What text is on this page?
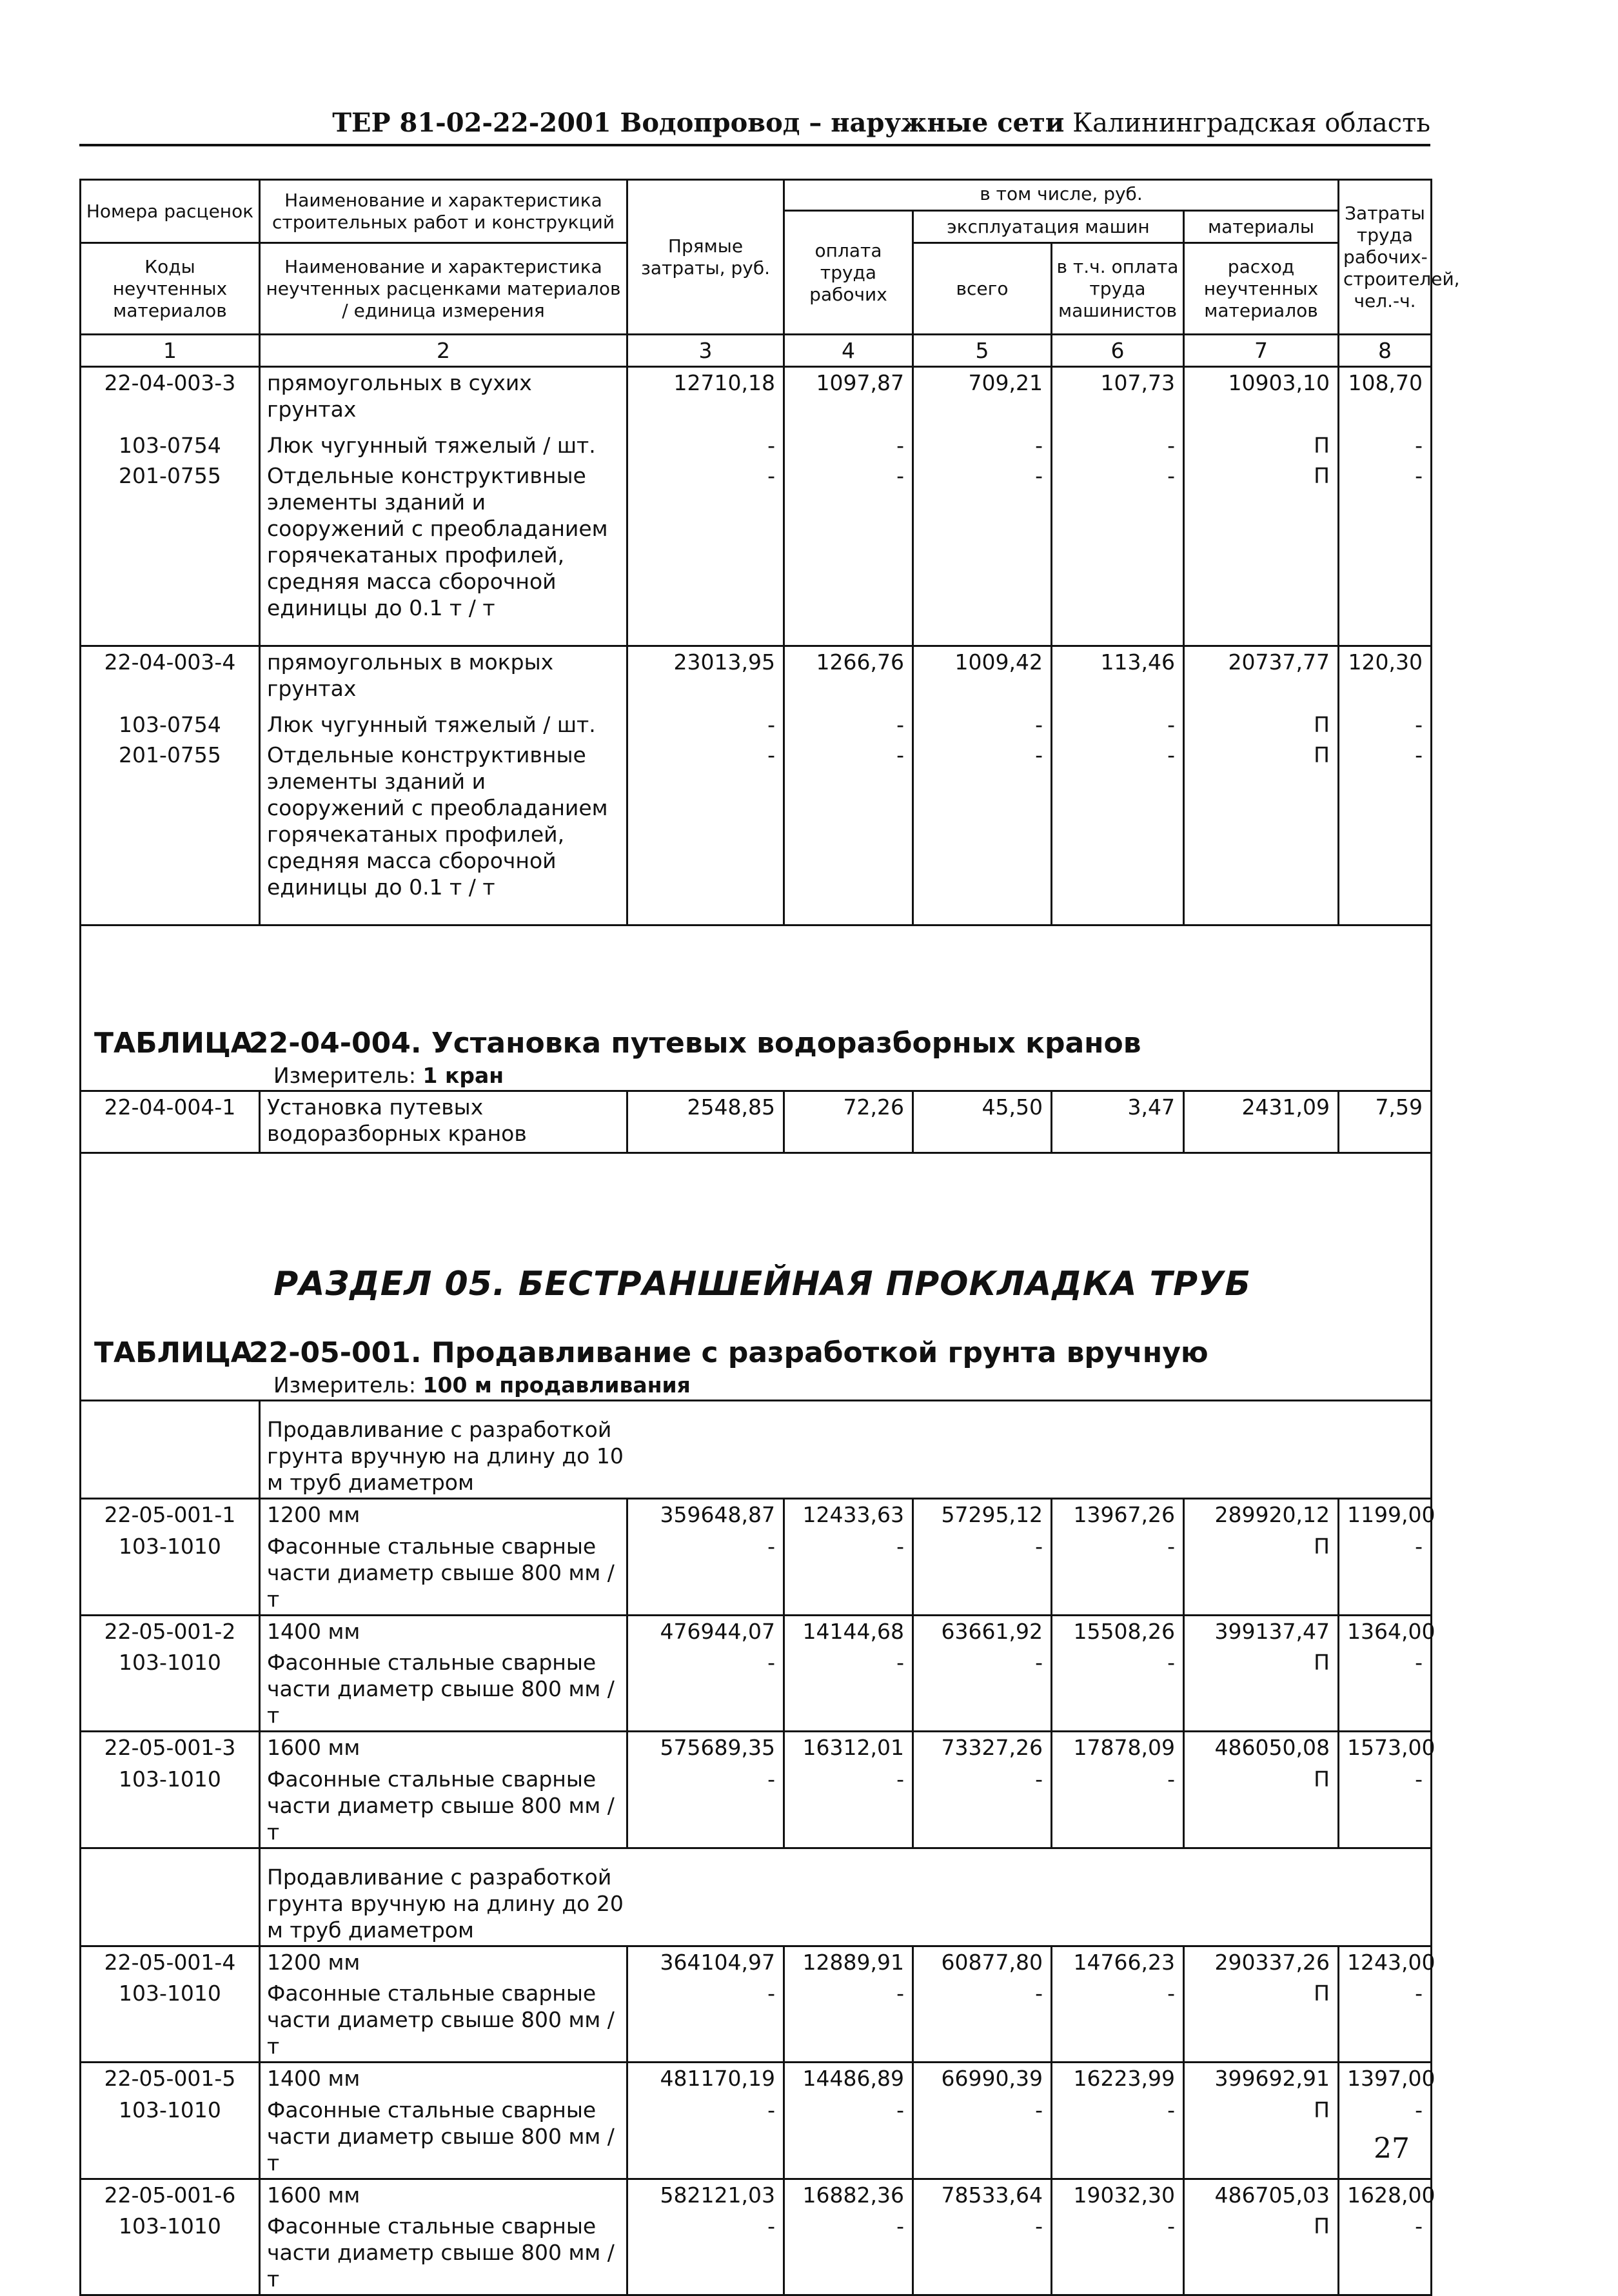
ТЕР 81-02-22-2001 Водопровод – наружные сети Калининградская область
Номера расценок	Наименование и характеристика строительных работ и конструкций	Прямые затраты, руб.	в том числе, руб.				Затраты труда рабочих-строителей, чел.-ч.
			оплата труда рабочих	эксплуатация машин		материалы	
Коды неучтенных материалов	Наименование и характеристика неучтенных расценками материалов / единица измерения			всего	в т.ч. оплата труда машинистов	расход неучтенных материалов	

1	2	3	4	5	6	7	8
22-04-003-3	прямоугольных в сухих грунтах	12710,18	1097,87	709,21	107,73	10903,10	108,70
103-0754	Люк чугунный тяжелый / шт.	-	-	-	-	П	-
201-0755	Отдельные конструктивные элементы зданий и сооружений с преобладанием горячекатаных профилей, средняя масса сборочной единицы до 0.1 т / т	-	-	-	-	П	-
22-04-003-4	прямоугольных в мокрых грунтах	23013,95	1266,76	1009,42	113,46	20737,77	120,30
103-0754	Люк чугунный тяжелый / шт.	-	-	-	-	П	-
201-0755	Отдельные конструктивные элементы зданий и сооружений с преобладанием горячекатаных профилей, средняя масса сборочной единицы до 0.1 т / т	-	-	-	-	П	-

ТАБЛИЦА22-04-004. Установка путевых водоразборных кранов
Измеритель: 1 кран							

22-04-004-1	Установка путевых водоразборных кранов	2548,85	72,26	45,50	3,47	2431,09	7,59

РАЗДЕЛ 05. БЕСТРАНШЕЙНАЯ ПРОКЛАДКА ТРУБ
ТАБЛИЦА22-05-001. Продавливание с разработкой грунта вручную
Измеритель: 100 м продавливания							

	Продавливание с разработкой грунта вручную на длину до 10 м труб диаметром						

22-05-001-1	1200 мм	359648,87	12433,63	57295,12	13967,26	289920,12	1199,00
103-1010	Фасонные стальные сварные части диаметр свыше 800 мм / т	-	-	-	-	П	-
22-05-001-2	1400 мм	476944,07	14144,68	63661,92	15508,26	399137,47	1364,00
103-1010	Фасонные стальные сварные части диаметр свыше 800 мм / т	-	-	-	-	П	-
22-05-001-3	1600 мм	575689,35	16312,01	73327,26	17878,09	486050,08	1573,00
103-1010	Фасонные стальные сварные части диаметр свыше 800 мм / т	-	-	-	-	П	-

	Продавливание с разработкой грунта вручную на длину до 20 м труб диаметром						

22-05-001-4	1200 мм	364104,97	12889,91	60877,80	14766,23	290337,26	1243,00
103-1010	Фасонные стальные сварные части диаметр свыше 800 мм / т	-	-	-	-	П	-
22-05-001-5	1400 мм	481170,19	14486,89	66990,39	16223,99	399692,91	1397,00
103-1010	Фасонные стальные сварные части диаметр свыше 800 мм / т	-	-	-	-	П	-
22-05-001-6	1600 мм	582121,03	16882,36	78533,64	19032,30	486705,03	1628,00
103-1010	Фасонные стальные сварные части диаметр свыше 800 мм / т	-	-	-	-	П	-
27
